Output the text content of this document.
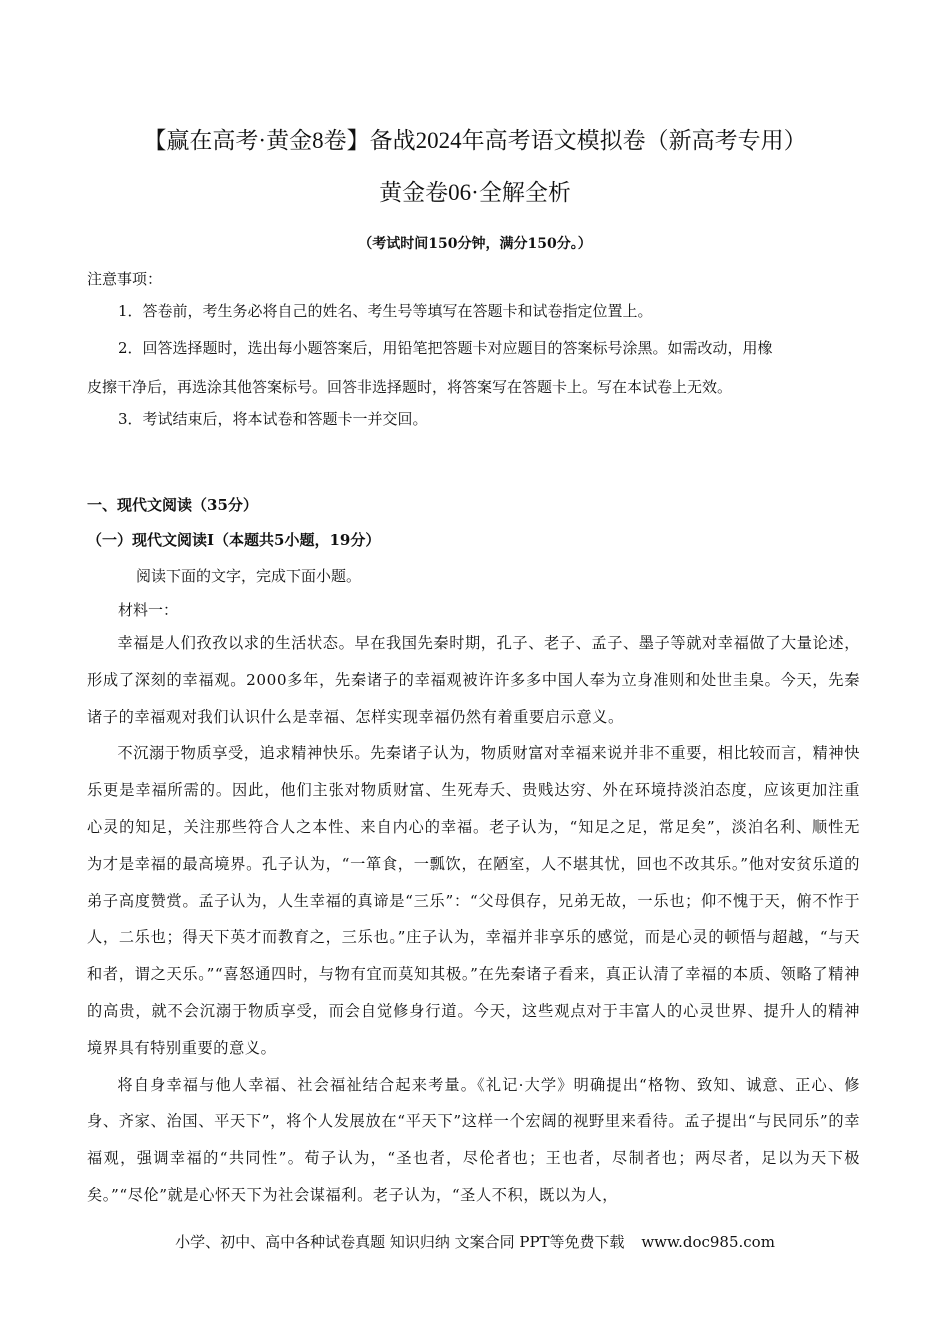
【赢在高考·黄金8卷】备战2024年高考语文模拟卷（新高考专用）
黄金卷06·全解全析
（考试时间150分钟，满分150分。）
注意事项：
1．答卷前，考生务必将自己的姓名、考生号等填写在答题卡和试卷指定位置上。
2．回答选择题时，选出每小题答案后，用铅笔把答题卡对应题目的答案标号涂黑。如需改动，用橡
皮擦干净后，再选涂其他答案标号。回答非选择题时，将答案写在答题卡上。写在本试卷上无效。
3．考试结束后，将本试卷和答题卡一并交回。
一、现代文阅读（35分）
（一）现代文阅读Ⅰ（本题共5小题，19分）
阅读下面的文字，完成下面小题。
材料一：

幸福是人们孜孜以求的生活状态。早在我国先秦时期，孔子、老子、孟子、墨子等就对幸福做了大量论述，形成了深刻的幸福观。2000多年，先秦诸子的幸福观被许许多多中国人奉为立身准则和处世圭臬。今天，先秦诸子的幸福观对我们认识什么是幸福、怎样实现幸福仍然有着重要启示意义。

不沉溺于物质享受，追求精神快乐。先秦诸子认为，物质财富对幸福来说并非不重要，相比较而言，精神快乐更是幸福所需的。因此，他们主张对物质财富、生死寿夭、贵贱达穷、外在环境持淡泊态度，应该更加注重心灵的知足，关注那些符合人之本性、来自内心的幸福。老子认为，“知足之足，常足矣”，淡泊名利、顺性无为才是幸福的最高境界。孔子认为，“一箪食，一瓢饮，在陋室，人不堪其忧，回也不改其乐。”他对安贫乐道的弟子高度赞赏。孟子认为，人生幸福的真谛是“三乐”：“父母俱存，兄弟无故，一乐也；仰不愧于天，俯不怍于人，二乐也；得天下英才而教育之，三乐也。”庄子认为，幸福并非享乐的感觉，而是心灵的顿悟与超越，“与天和者，谓之天乐。”“喜怒通四时，与物有宜而莫知其极。”在先秦诸子看来，真正认清了幸福的本质、领略了精神的高贵，就不会沉溺于物质享受，而会自觉修身行道。今天，这些观点对于丰富人的心灵世界、提升人的精神境界具有特别重要的意义。

将自身幸福与他人幸福、社会福祉结合起来考量。《礼记·大学》明确提出“格物、致知、诚意、正心、修身、齐家、治国、平天下”，将个人发展放在“平天下”这样一个宏阔的视野里来看待。孟子提出“与民同乐”的幸福观，强调幸福的“共同性”。荀子认为，“圣也者，尽伦者也；王也者，尽制者也；两尽者，足以为天下极矣。”“尽伦”就是心怀天下为社会谋福利。老子认为，“圣人不积，既以为人，

小学、初中、高中各种试卷真题 知识归纳 文案合同 PPT等免费下载 www.doc985.com
